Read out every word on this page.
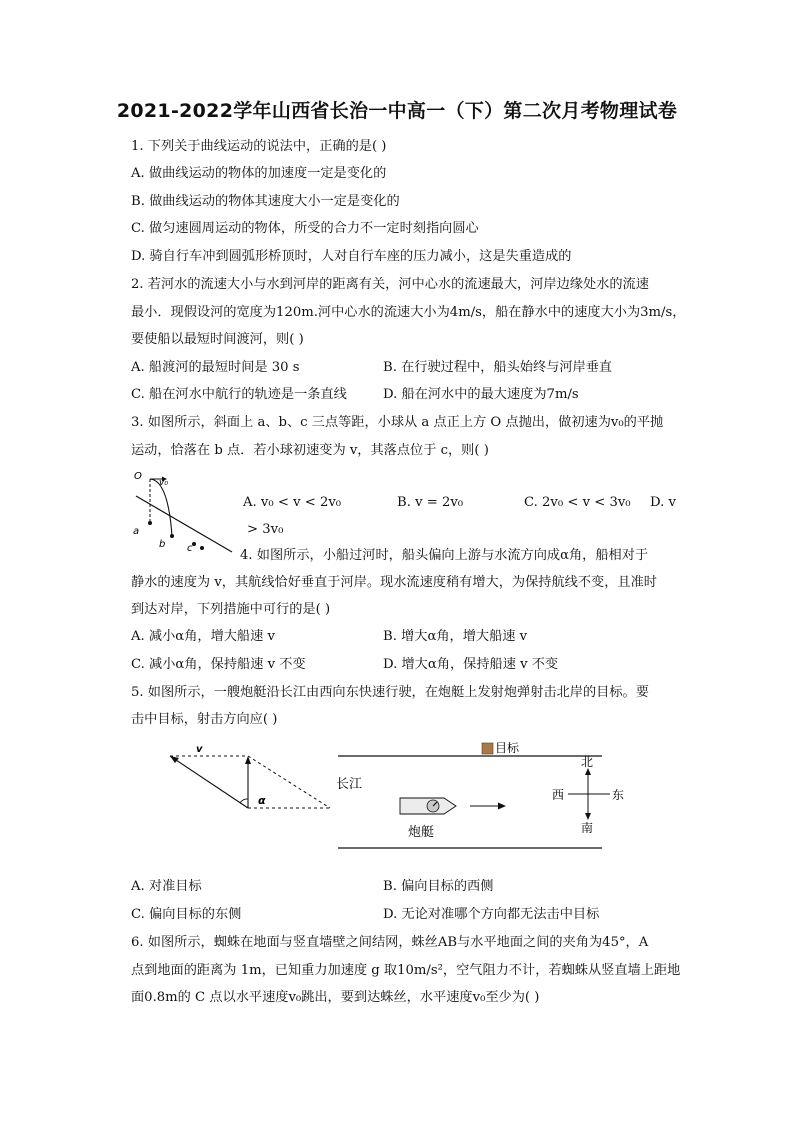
2021-2022学年山西省长治一中高一（下）第二次月考物理试卷
1. 下列关于曲线运动的说法中，正确的是( )
A. 做曲线运动的物体的加速度一定是变化的
B. 做曲线运动的物体其速度大小一定是变化的
C. 做匀速圆周运动的物体，所受的合力不一定时刻指向圆心
D. 骑自行车冲到圆弧形桥顶时，人对自行车座的压力减小，这是失重造成的
2. 若河水的流速大小与水到河岸的距离有关，河中心水的流速最大，河岸边缘处水的流速
最小．现假设河的宽度为120m.河中心水的流速大小为4m/s，船在静水中的速度大小为3m/s，
要使船以最短时间渡河，则( )
A. 船渡河的最短时间是 30 s	B. 在行驶过程中，船头始终与河岸垂直
C. 船在河水中航行的轨迹是一条直线	D. 船在河水中的最大速度为7m/s
3. 如图所示，斜面上 a、b、c 三点等距，小球从 a 点正上方 O 点抛出，做初速为v₀的平抛
运动，恰落在 b 点．若小球初速变为 v，其落点位于 c，则( )
O
v₀
a
b c
A. v₀ < v < 2v₀	B. v = 2v₀	C. 2v₀ < v < 3v₀ D. v
> 3v₀
4. 如图所示，小船过河时，船头偏向上游与水流方向成α角，船相对于
静水的速度为 v，其航线恰好垂直于河岸。现水流速度稍有增大，为保持航线不变，且准时
到达对岸，下列措施中可行的是( )
A. 减小α角，增大船速 v	B. 增大α角，增大船速 v
C. 减小α角，保持船速 v 不变	D. 增大α角，保持船速 v 不变
5. 如图所示，一艘炮艇沿长江由西向东快速行驶，在炮艇上发射炮弹射击北岸的目标。要
击中目标，射击方向应( )
v
α
目标
长江
炮艇
北
南
西	东
A. 对准目标	B. 偏向目标的西侧
C. 偏向目标的东侧	D. 无论对准哪个方向都无法击中目标
6. 如图所示，蜘蛛在地面与竖直墙壁之间结网，蛛丝AB与水平地面之间的夹角为45°，A
点到地面的距离为 1m，已知重力加速度 g 取10m/s²，空气阻力不计，若蜘蛛从竖直墙上距地
面0.8m的 C 点以水平速度v₀跳出，要到达蛛丝，水平速度v₀至少为( )
